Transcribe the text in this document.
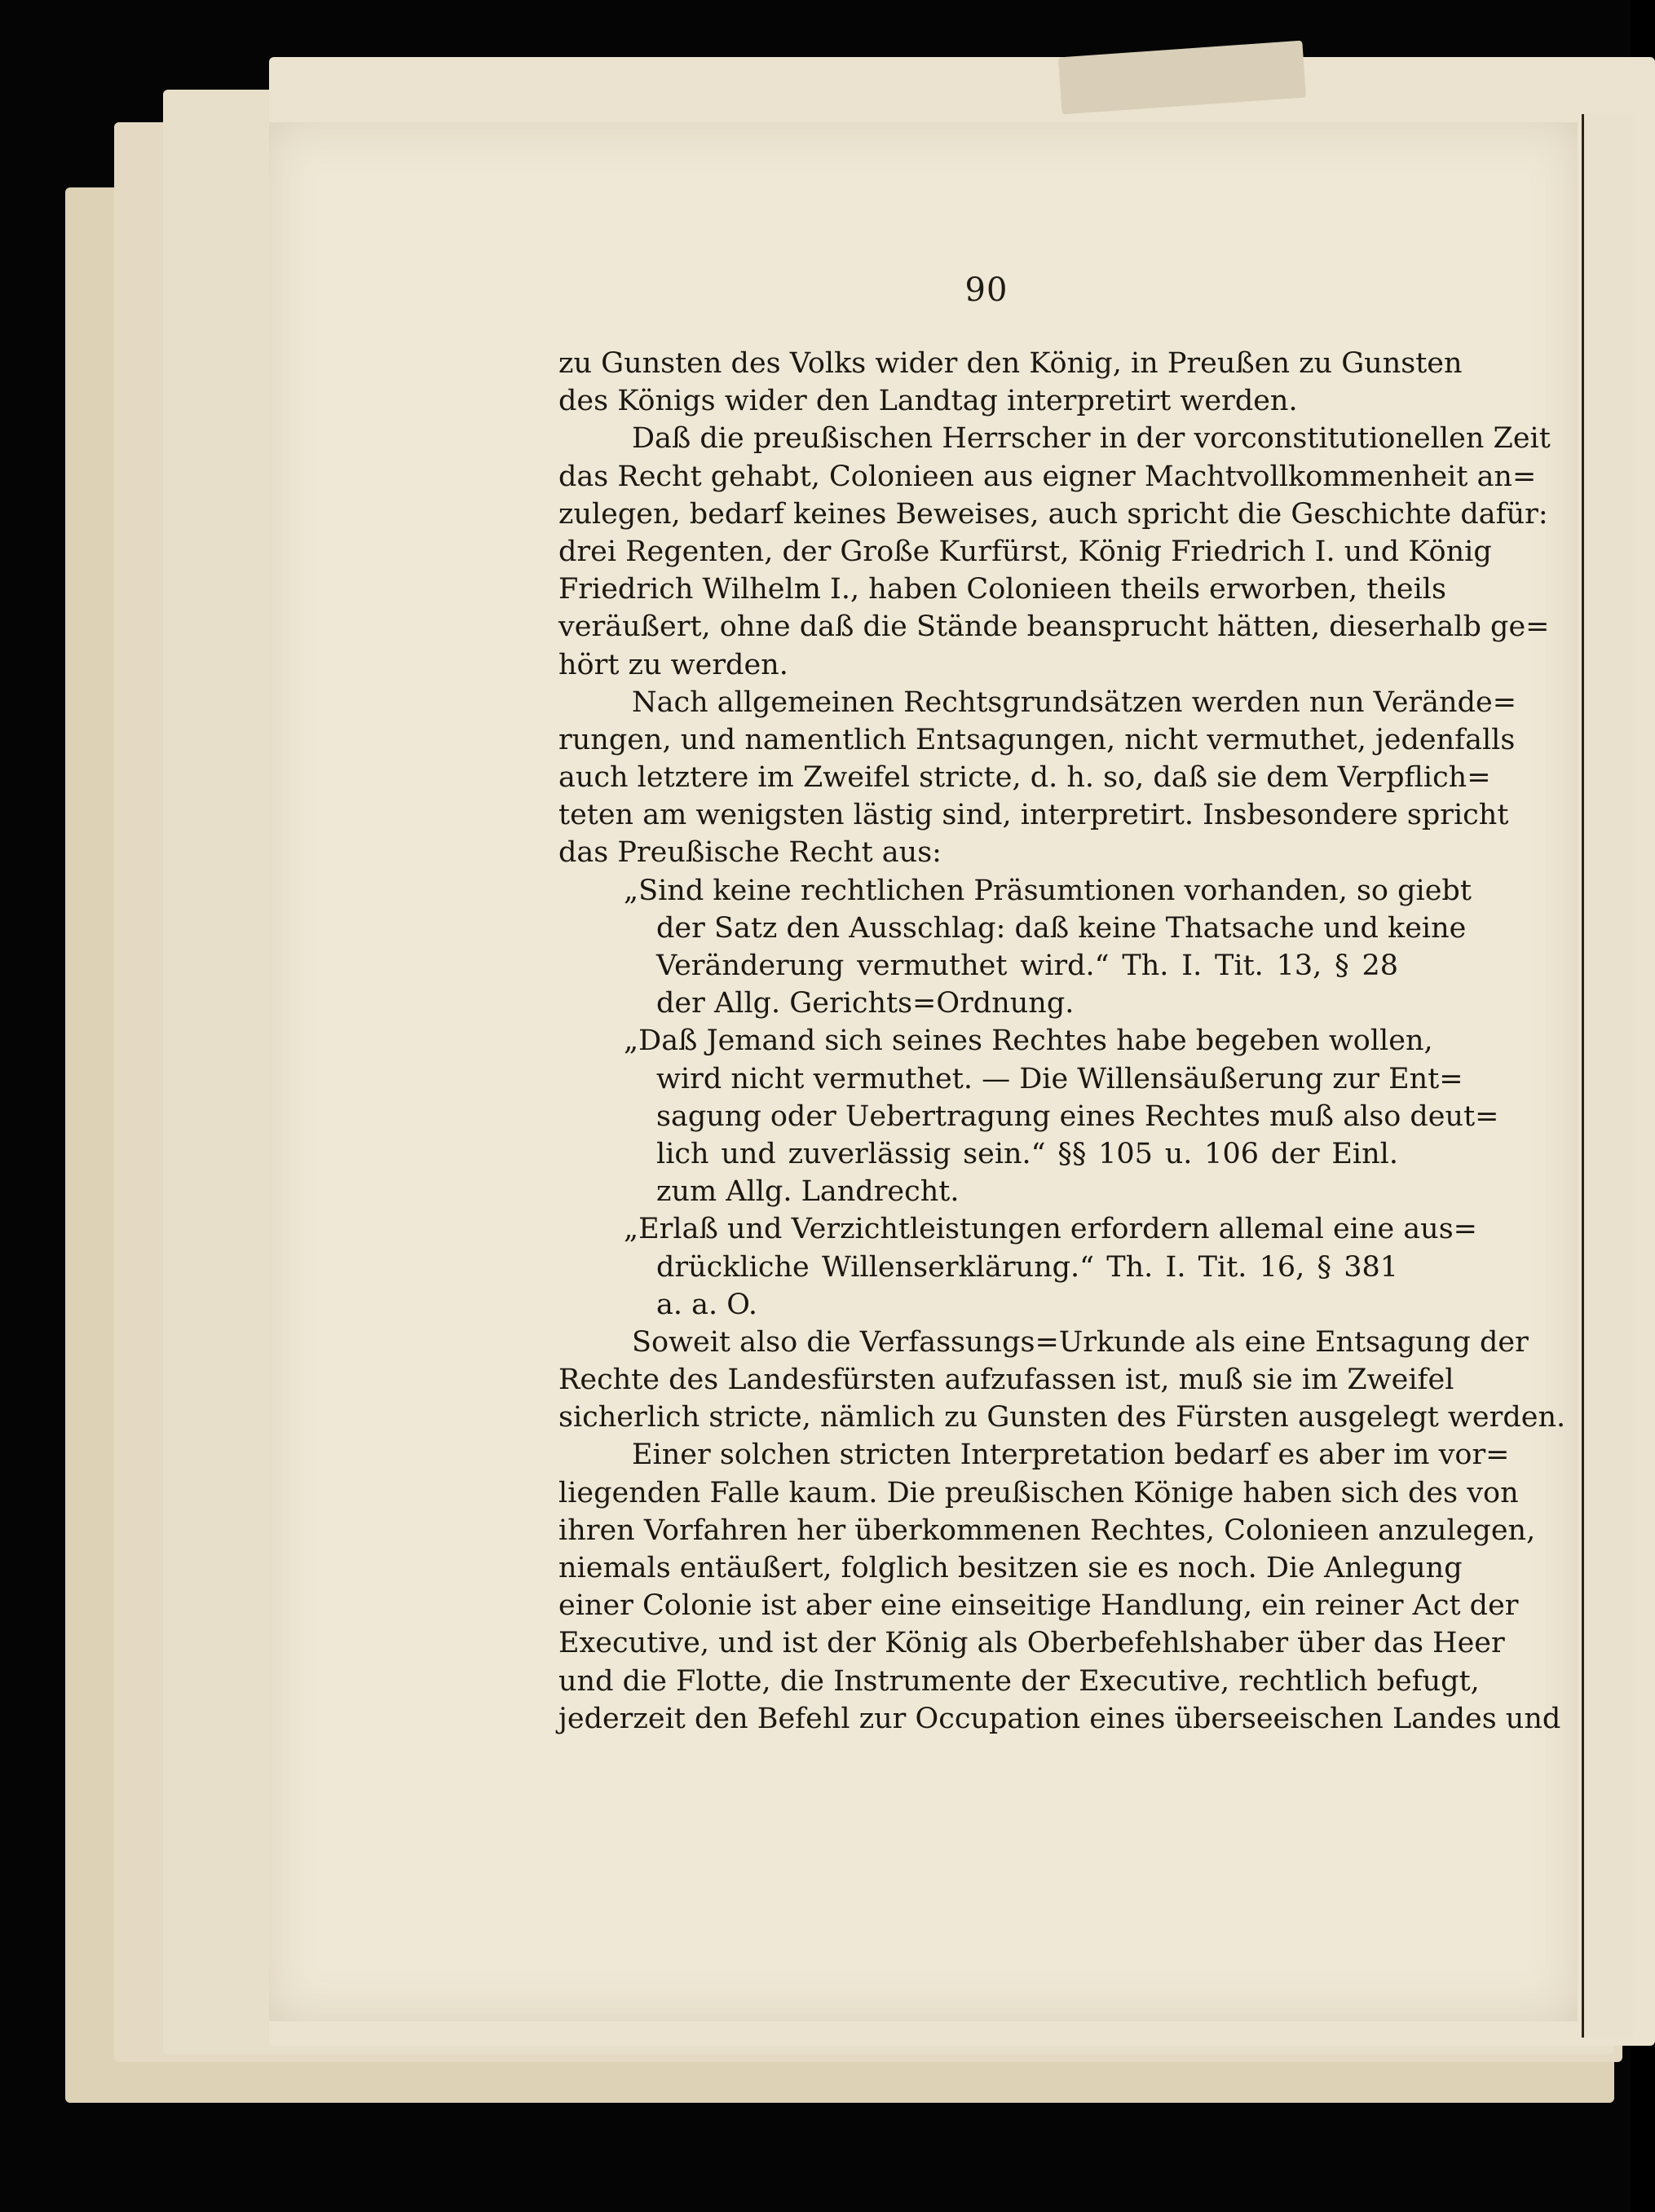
90
zu Gunsten des Volks wider den König, in Preußen zu Gunsten
des Königs wider den Landtag interpretirt werden.
Daß die preußischen Herrscher in der vorconstitutionellen Zeit
das Recht gehabt, Colonieen aus eigner Machtvollkommenheit an=
zulegen, bedarf keines Beweises, auch spricht die Geschichte dafür:
drei Regenten, der Große Kurfürst, König Friedrich I. und König
Friedrich Wilhelm I., haben Colonieen theils erworben, theils
veräußert, ohne daß die Stände beansprucht hätten, dieserhalb ge=
hört zu werden.
Nach allgemeinen Rechtsgrundsätzen werden nun Verände=
rungen, und namentlich Entsagungen, nicht vermuthet, jedenfalls
auch letztere im Zweifel stricte, d. h. so, daß sie dem Verpflich=
teten am wenigsten lästig sind, interpretirt. Insbesondere spricht
das Preußische Recht aus:
„Sind keine rechtlichen Präsumtionen vorhanden, so giebt
der Satz den Ausschlag: daß keine Thatsache und keine
Veränderung vermuthet wird.“ Th. I. Tit. 13, § 28
der Allg. Gerichts=Ordnung.
„Daß Jemand sich seines Rechtes habe begeben wollen,
wird nicht vermuthet. — Die Willensäußerung zur Ent=
sagung oder Uebertragung eines Rechtes muß also deut=
lich und zuverlässig sein.“ §§ 105 u. 106 der Einl.
zum Allg. Landrecht.
„Erlaß und Verzichtleistungen erfordern allemal eine aus=
drückliche Willenserklärung.“ Th. I. Tit. 16, § 381
a. a. O.
Soweit also die Verfassungs=Urkunde als eine Entsagung der
Rechte des Landesfürsten aufzufassen ist, muß sie im Zweifel
sicherlich stricte, nämlich zu Gunsten des Fürsten ausgelegt werden.
Einer solchen stricten Interpretation bedarf es aber im vor=
liegenden Falle kaum. Die preußischen Könige haben sich des von
ihren Vorfahren her überkommenen Rechtes, Colonieen anzulegen,
niemals entäußert, folglich besitzen sie es noch. Die Anlegung
einer Colonie ist aber eine einseitige Handlung, ein reiner Act der
Executive, und ist der König als Oberbefehlshaber über das Heer
und die Flotte, die Instrumente der Executive, rechtlich befugt,
jederzeit den Befehl zur Occupation eines überseeischen Landes und
